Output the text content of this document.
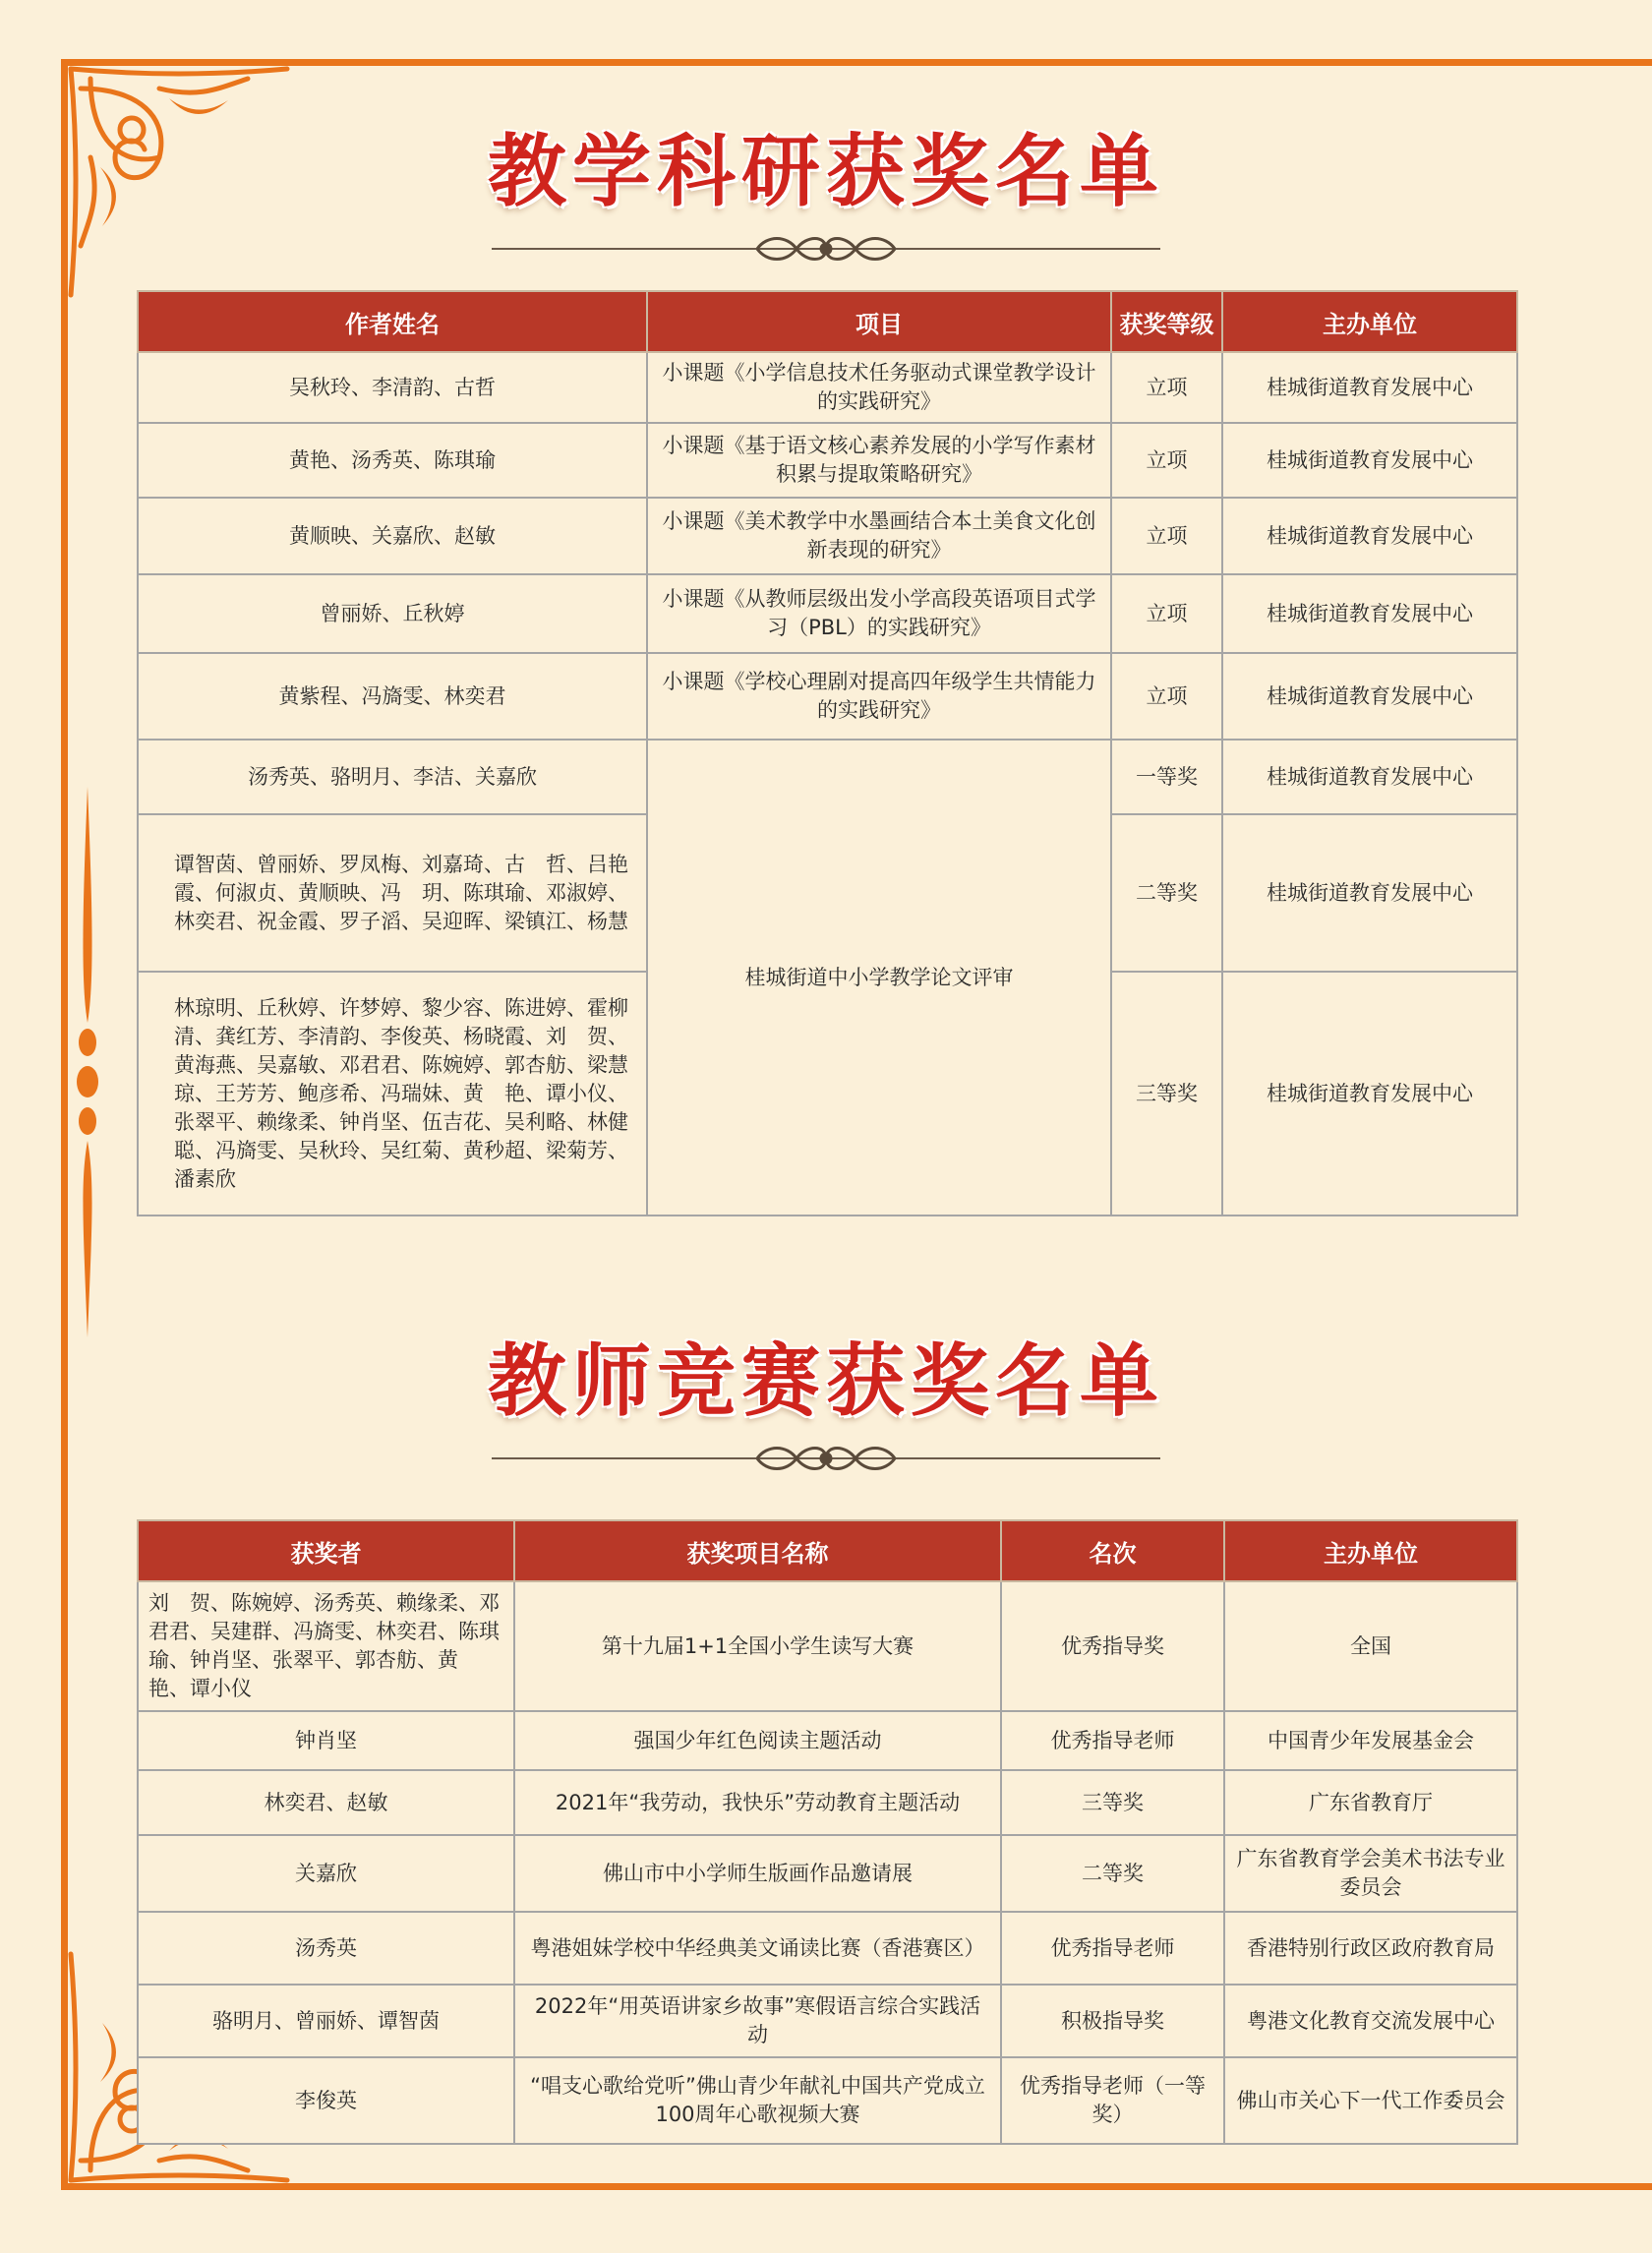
教学科研获奖名单
作者姓名	项目	获奖等级	主办单位
吴秋玲、李清韵、古哲	小课题《小学信息技术任务驱动式课堂教学设计的实践研究》	立项	桂城街道教育发展中心
黄艳、汤秀英、陈琪瑜	小课题《基于语文核心素养发展的小学写作素材积累与提取策略研究》	立项	桂城街道教育发展中心
黄顺映、关嘉欣、赵敏	小课题《美术教学中水墨画结合本土美食文化创新表现的研究》	立项	桂城街道教育发展中心
曾丽娇、丘秋婷	小课题《从教师层级出发小学高段英语项目式学习（PBL）的实践研究》	立项	桂城街道教育发展中心
黄紫程、冯旖雯、林奕君	小课题《学校心理剧对提高四年级学生共情能力的实践研究》	立项	桂城街道教育发展中心
汤秀英、骆明月、李洁、关嘉欣	桂城街道中小学教学论文评审	一等奖	桂城街道教育发展中心
谭智茵、曾丽娇、罗凤梅、刘嘉琦、古　哲、吕艳霞、何淑贞、黄顺映、冯　玥、陈琪瑜、邓淑婷、林奕君、祝金霞、罗子滔、吴迎晖、梁镇江、杨慧		二等奖	桂城街道教育发展中心
林琼明、丘秋婷、许梦婷、黎少容、陈进婷、霍柳清、龚红芳、李清韵、李俊英、杨晓霞、刘　贺、黄海燕、吴嘉敏、邓君君、陈婉婷、郭杏舫、梁慧琼、王芳芳、鲍彦希、冯瑞妹、黄　艳、谭小仪、张翠平、赖缘柔、钟肖坚、伍吉花、吴利略、林健聪、冯旖雯、吴秋玲、吴红菊、黄秒超、梁菊芳、潘素欣		三等奖	桂城街道教育发展中心
教师竞赛获奖名单
获奖者	获奖项目名称	名次	主办单位
刘　贺、陈婉婷、汤秀英、赖缘柔、邓君君、吴建群、冯旖雯、林奕君、陈琪瑜、钟肖坚、张翠平、郭杏舫、黄　艳、谭小仪	第十九届1+1全国小学生读写大赛	优秀指导奖	全国
钟肖坚	强国少年红色阅读主题活动	优秀指导老师	中国青少年发展基金会
林奕君、赵敏	2021年“我劳动，我快乐”劳动教育主题活动	三等奖	广东省教育厅
关嘉欣	佛山市中小学师生版画作品邀请展	二等奖	广东省教育学会美术书法专业委员会
汤秀英	粤港姐妹学校中华经典美文诵读比赛（香港赛区）	优秀指导老师	香港特别行政区政府教育局
骆明月、曾丽娇、谭智茵	2022年“用英语讲家乡故事”寒假语言综合实践活动	积极指导奖	粤港文化教育交流发展中心
李俊英	“唱支心歌给党听”佛山青少年献礼中国共产党成立100周年心歌视频大赛	优秀指导老师（一等奖）	佛山市关心下一代工作委员会
